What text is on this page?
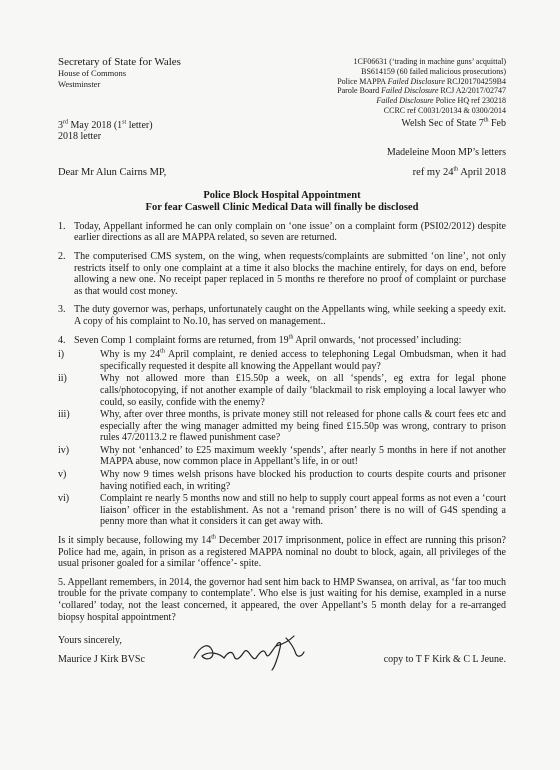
Secretary of State for Wales
House of Commons
Westminster
1CF06631 (‘trading in machine guns’ acquittal)
BS614159 (60 failed malicious prosecutions)
Police MAPPA Failed Disclosure RCJ201704259B4
Parole Board Failed Disclosure RCJ A2/2017/02747
Failed Disclosure Police HQ ref 230218
CCRC ref C0031/20134 & 0300/2014
3rd May 2018 (1st letter)
2018 letter
Welsh Sec of State 7th Feb
Madeleine Moon MP’s letters
Dear Mr Alun Cairns MP,	ref my 24th April 2018
Police Block Hospital Appointment
For fear Caswell Clinic Medical Data will finally be disclosed
1. Today, Appellant informed he can only complain on ‘one issue’ on a complaint form (PSI02/2012) despite earlier directions as all are MAPPA related, so seven are returned.
2. The computerised CMS system, on the wing, when requests/complaints are submitted ‘on line’, not only restricts itself to only one complaint at a time it also blocks the machine entirely, for days on end, before allowing a new one. No receipt paper replaced in 5 months re therefore no proof of complaint or purchase as that would cost money.
3. The duty governor was, perhaps, unfortunately caught on the Appellants wing, while seeking a speedy exit. A copy of his complaint to No.10, has served on management..
4. Seven Comp 1 complaint forms are returned, from 19th April onwards, ‘not processed’ including:
i)	Why is my 24th April complaint, re denied access to telephoning Legal Ombudsman, when it had specifically requested it despite all knowing the Appellant would pay?
ii)	Why not allowed more than £15.50p a week, on all ‘spends’, eg extra for legal phone calls/photocopying, if not another example of daily ‘blackmail to risk employing a local lawyer who could, so easily, confide with the enemy?
iii)	Why, after over three months, is private money still not released for phone calls & court fees etc and especially after the wing manager admitted my being fined £15.50p was wrong, contrary to prison rules 47/20113.2 re flawed punishment case?
iv)	Why not ‘enhanced’ to £25 maximum weekly ‘spends’, after nearly 5 months in here if not another MAPPA abuse, now common place in Appellant’s life, in or out!
v)	Why now 9 times welsh prisons have blocked his production to courts despite courts and prisoner having notified each, in writing?
vi)	Complaint re nearly 5 months now and still no help to supply court appeal forms as not even a ‘court liaison’ officer in the establishment. As not a ‘remand prison’ there is no will of G4S spending a penny more than what it considers it can get away with.
Is it simply because, following my 14th December 2017 imprisonment, police in effect are running this prison? Police had me, again, in prison as a registered MAPPA nominal no doubt to block, again, all privileges of the usual prisoner goaled for a similar ‘offence’- spite.
5. Appellant remembers, in 2014, the governor had sent him back to HMP Swansea, on arrival, as ‘far too much trouble for the private company to contemplate’. Who else is just waiting for his demise, exampled in a nurse ‘collared’ today, not the least concerned, it appeared, the over Appellant’s 5 month delay for a re-arranged biopsy hospital appointment?
Yours sincerely,
Maurice J Kirk BVSc	copy to T F Kirk & C L Jeune.
